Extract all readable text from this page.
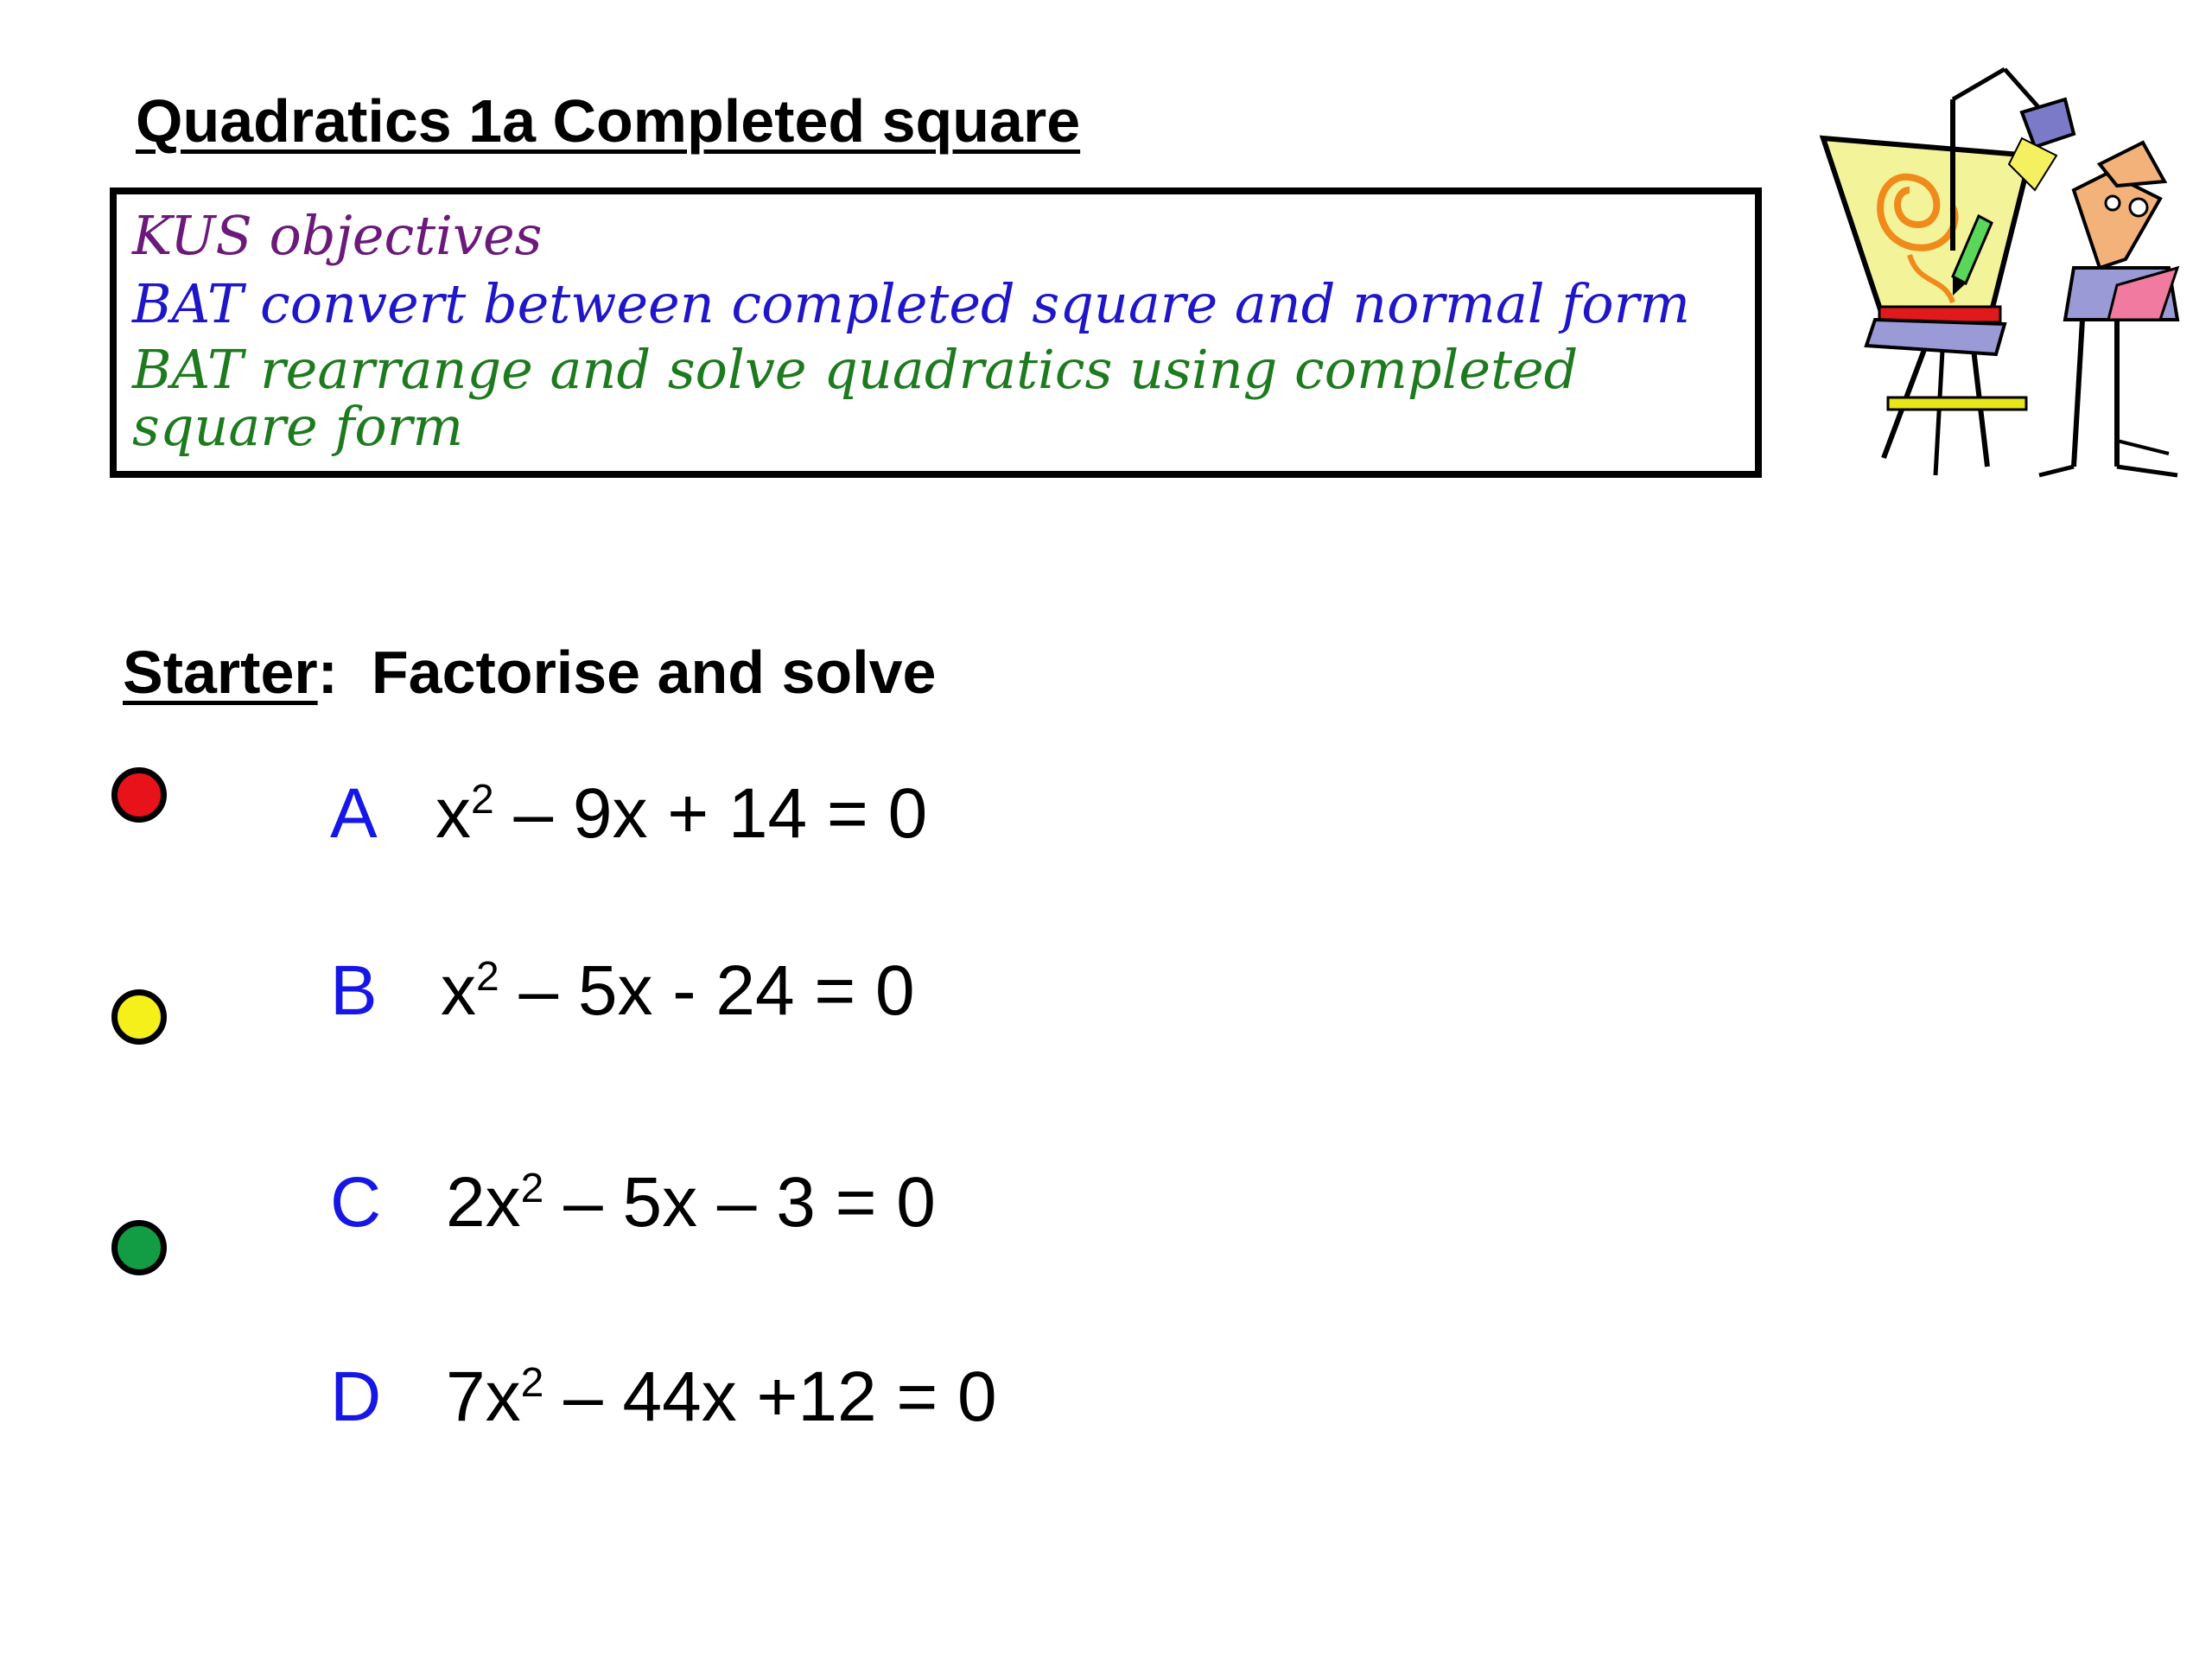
Quadratics 1a Completed square
KUS objectives
BAT convert between completed square and normal form
BAT rearrange and solve quadratics using completed square form
Starter: Factorise and solve
A $x^2 - 9x + 14 = 0$
B $x^2 - 5x - 24 = 0$
C $2x^2 - 5x - 3 = 0$
D $7x^2 - 44x +12 = 0$
